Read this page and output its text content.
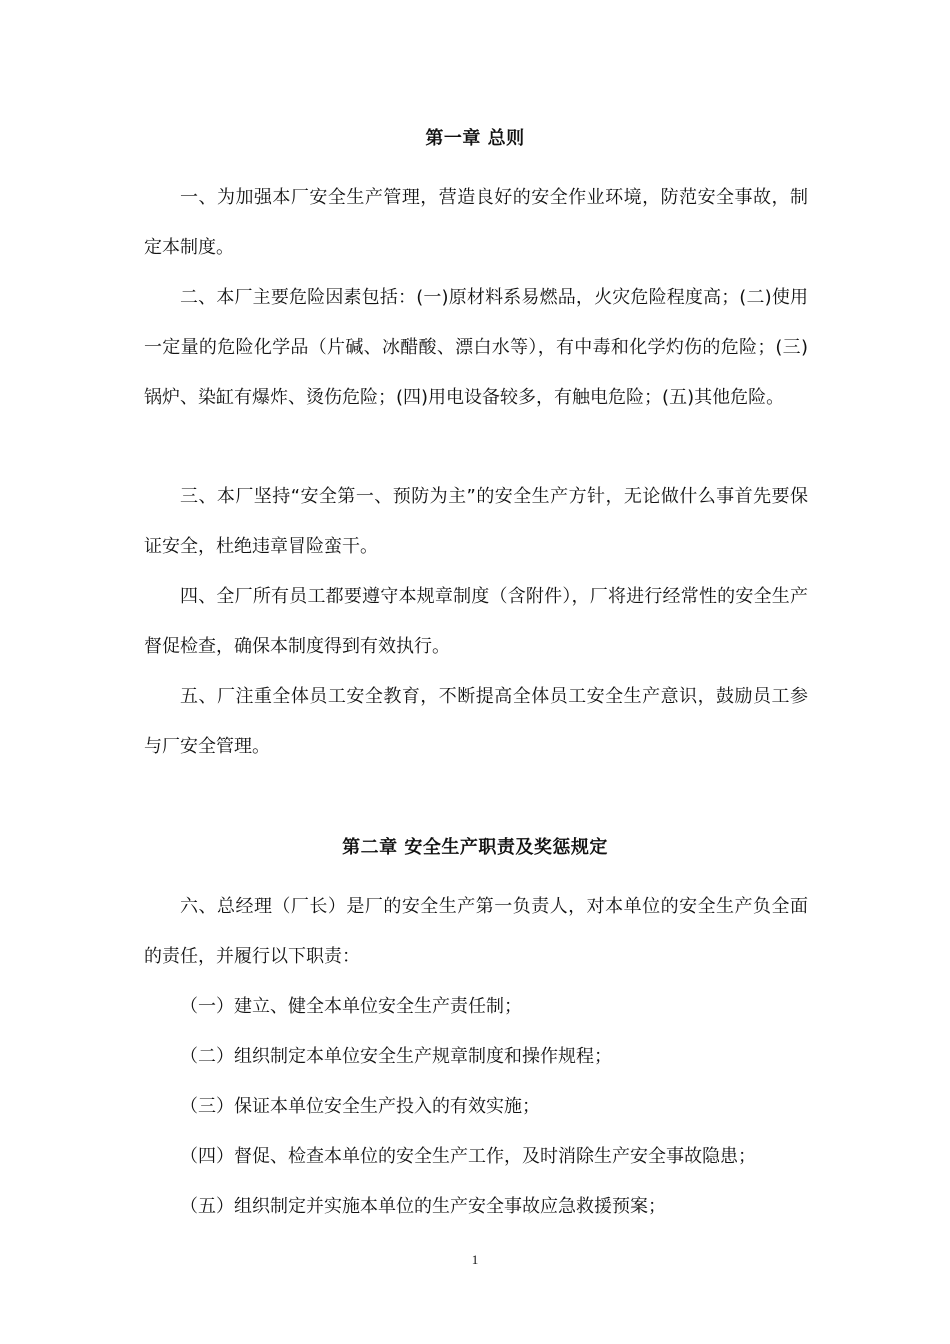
第一章 总则

一、为加强本厂安全生产管理，营造良好的安全作业环境，防范安全事故，制定本制度。

二、本厂主要危险因素包括：(一)原材料系易燃品，火灾危险程度高；(二)使用一定量的危险化学品（片碱、冰醋酸、漂白水等），有中毒和化学灼伤的危险；(三)锅炉、染缸有爆炸、烫伤危险；(四)用电设备较多，有触电危险；(五)其他危险。

三、本厂坚持“安全第一、预防为主”的安全生产方针，无论做什么事首先要保证安全，杜绝违章冒险蛮干。

四、全厂所有员工都要遵守本规章制度（含附件），厂将进行经常性的安全生产督促检查，确保本制度得到有效执行。

五、厂注重全体员工安全教育，不断提高全体员工安全生产意识，鼓励员工参与厂安全管理。

第二章 安全生产职责及奖惩规定

六、总经理（厂长）是厂的安全生产第一负责人，对本单位的安全生产负全面的责任，并履行以下职责：

（一）建立、健全本单位安全生产责任制；

（二）组织制定本单位安全生产规章制度和操作规程；

（三）保证本单位安全生产投入的有效实施；

（四）督促、检查本单位的安全生产工作，及时消除生产安全事故隐患；

（五）组织制定并实施本单位的生产安全事故应急救援预案；

1
